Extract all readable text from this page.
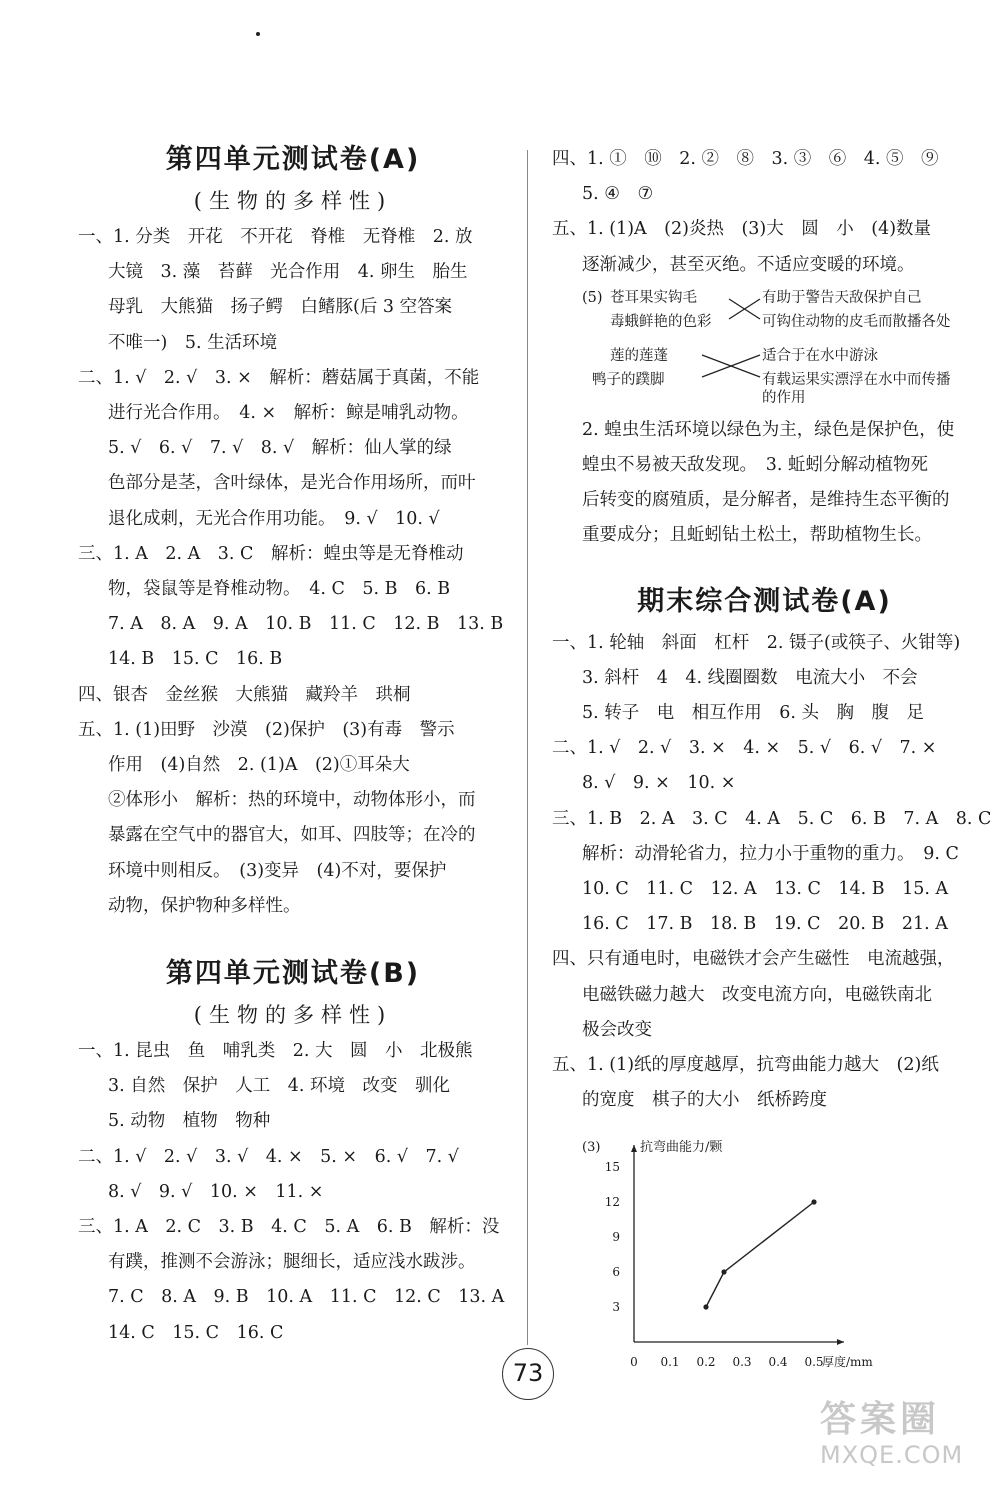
第四单元测试卷(A)
(生物的多样性)
一、1. 分类　开花　不开花　脊椎　无脊椎　2. 放
大镜　3. 藻　苔藓　光合作用　4. 卵生　胎生
母乳　大熊猫　扬子鳄　白鳍豚(后 3 空答案
不唯一)　5. 生活环境
二、1. √　2. √　3. ×　解析：蘑菇属于真菌，不能
进行光合作用。　4. ×　解析：鲸是哺乳动物。
5. √　6. √　7. √　8. √　解析：仙人掌的绿
色部分是茎，含叶绿体，是光合作用场所，而叶
退化成刺，无光合作用功能。　9. √　10. √
三、1. A　2. A　3. C　解析：蝗虫等是无脊椎动
物，袋鼠等是脊椎动物。　4. C　5. B　6. B
7. A　8. A　9. A　10. B　11. C　12. B　13. B
14. B　15. C　16. B
四、银杏　金丝猴　大熊猫　藏羚羊　珙桐
五、1. (1)田野　沙漠　(2)保护　(3)有毒　警示
作用　(4)自然　2. (1)A　(2)①耳朵大
②体形小　解析：热的环境中，动物体形小，而
暴露在空气中的器官大，如耳、四肢等；在冷的
环境中则相反。　(3)变异　(4)不对，要保护
动物，保护物种多样性。
第四单元测试卷(B)
(生物的多样性)
一、1. 昆虫　鱼　哺乳类　2. 大　圆　小　北极熊
3. 自然　保护　人工　4. 环境　改变　驯化
5. 动物　植物　物种
二、1. √　2. √　3. √　4. ×　5. ×　6. √　7. √
8. √　9. √　10. ×　11. ×
三、1. A　2. C　3. B　4. C　5. A　6. B　解析：没
有蹼，推测不会游泳；腿细长，适应浅水跋涉。
7. C　8. A　9. B　10. A　11. C　12. C　13. A
14. C　15. C　16. C
四、1. ①　⑩　2. ②　⑧　3. ③　⑥　4. ⑤　⑨
5. ④　⑦
五、1. (1)A　(2)炎热　(3)大　圆　小　(4)数量
逐渐减少，甚至灭绝。不适应变暖的环境。
(5) 苍耳果实钩毛
毒蛾鲜艳的色彩
莲的莲蓬
鸭子的蹼脚
有助于警告天敌保护自己
可钩住动物的皮毛而散播各处
适合于在水中游泳
有载运果实漂浮在水中而传播
的作用
2. 蝗虫生活环境以绿色为主，绿色是保护色，使
蝗虫不易被天敌发现。　3. 蚯蚓分解动植物死
后转变的腐殖质，是分解者，是维持生态平衡的
重要成分；且蚯蚓钻土松土，帮助植物生长。
期末综合测试卷(A)
一、1. 轮轴　斜面　杠杆　2. 镊子(或筷子、火钳等)
3. 斜杆　4　4. 线圈圈数　电流大小　不会
5. 转子　电　相互作用　6. 头　胸　腹　足
二、1. √　2. √　3. ×　4. ×　5. √　6. √　7. ×
8. √　9. ×　10. ×
三、1. B　2. A　3. C　4. A　5. C　6. B　7. A　8. C
解析：动滑轮省力，拉力小于重物的重力。　9. C
10. C　11. C　12. A　13. C　14. B　15. A
16. C　17. B　18. B　19. C　20. B　21. A
四、只有通电时，电磁铁才会产生磁性　电流越强，
电磁铁磁力越大　改变电流方向，电磁铁南北
极会改变
五、1. (1)纸的厚度越厚，抗弯曲能力越大　(2)纸
的宽度　棋子的大小　纸桥跨度
(3)	抗弯曲能力/颗
厚度/mm
0 0.1 0.2 0.3 0.4 0.5
3
6
9
12
15
73
答案圈
MXQE.COM
